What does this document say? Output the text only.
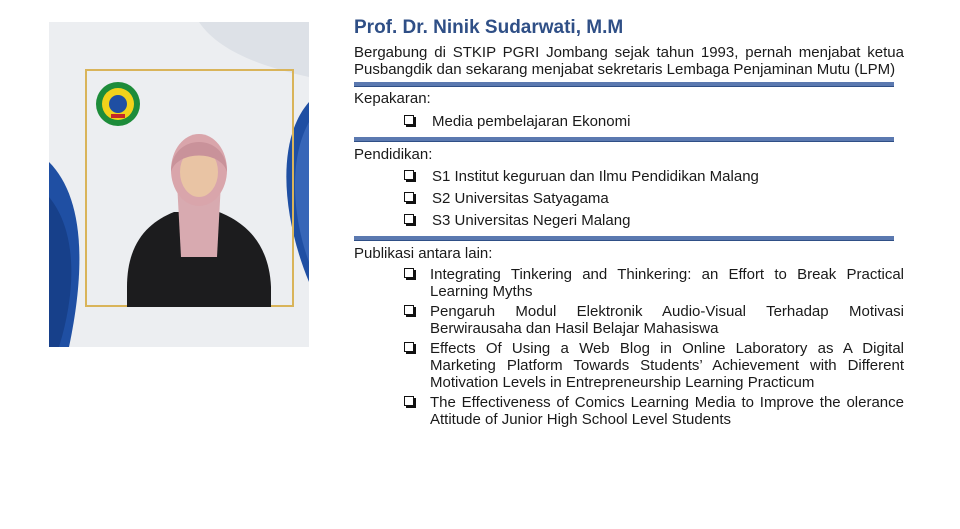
Prof. Dr. Ninik Sudarwati, M.M

Bergabung di STKIP PGRI Jombang sejak tahun 1993, pernah menjabat ketua Pusbangdik dan sekarang menjabat sekretaris Lembaga Penjaminan Mutu (LPM)

Kepakaran:
Media pembelajaran Ekonomi
Pendidikan:
S1 Institut keguruan dan Ilmu Pendidikan Malang
S2 Universitas Satyagama
S3 Universitas Negeri Malang
Publikasi antara lain:
Integrating Tinkering and Thinkering: an Effort to Break Practical Learning Myths
Pengaruh Modul Elektronik Audio-Visual Terhadap Motivasi Berwirausaha dan Hasil Belajar Mahasiswa
Effects Of Using a Web Blog in Online Laboratory as A Digital Marketing Platform Towards Students’ Achievement with Different Motivation Levels in Entrepreneurship Learning Practicum
The Effectiveness of Comics Learning Media to Improve the olerance Attitude of Junior High School Level Students
